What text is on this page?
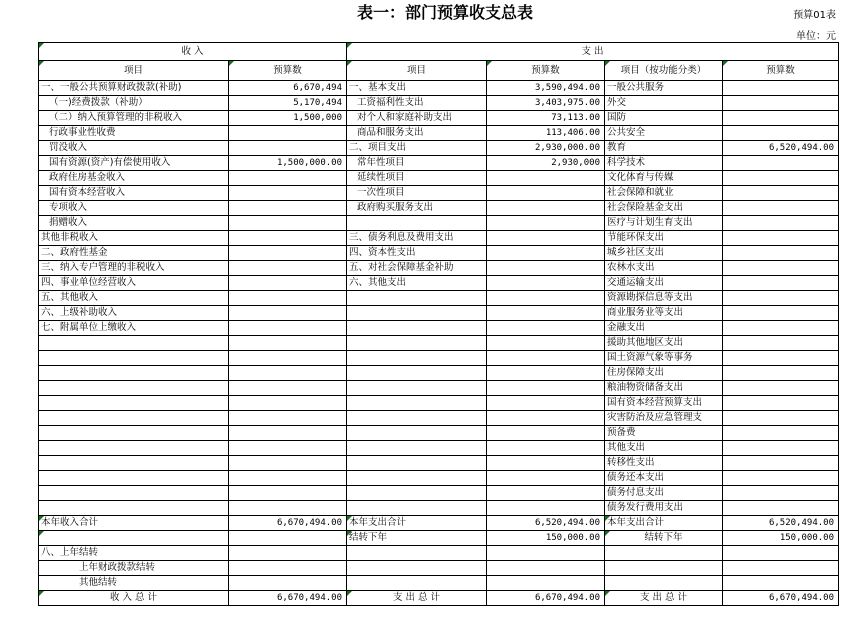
表一：部门预算收支总表	预算01表
单位：元
收 入		支 出			
项目	预算数	项目	预算数	项目（按功能分类）	预算数
一、一般公共预算财政拨款(补助)	6,670,494	一、基本支出	3,590,494.00	一般公共服务	
（一)经费拨款（补助）	5,170,494	工资福利性支出	3,403,975.00	外交	
（二）纳入预算管理的非税收入	1,500,000	对个人和家庭补助支出	73,113.00	国防	
行政事业性收费		商品和服务支出	113,406.00	公共安全	
罚没收入		二、项目支出	2,930,000.00	教育	6,520,494.00
国有资源(资产)有偿使用收入	1,500,000.00	常年性项目	2,930,000	科学技术	
政府住房基金收入		延续性项目		文化体育与传媒	
国有资本经营收入		一次性项目		社会保障和就业	
专项收入		政府购买服务支出		社会保险基金支出	
捐赠收入				医疗与计划生育支出	
其他非税收入		三、债务利息及费用支出		节能环保支出	
二、政府性基金		四、资本性支出		城乡社区支出	
三、纳入专户管理的非税收入		五、对社会保障基金补助		农林水支出	
四、事业单位经营收入		六、其他支出		交通运输支出	
五、其他收入				资源勘探信息等支出	
六、上级补助收入				商业服务业等支出	
七、附属单位上缴收入				金融支出	
				援助其他地区支出	
				国土资源气象等事务	
				住房保障支出	
				粮油物资储备支出	
				国有资本经营预算支出	
				灾害防治及应急管理支	
				预备费	
				其他支出	
				转移性支出	
				债务还本支出	
				债务付息支出	
				债务发行费用支出	
本年收入合计	6,670,494.00	本年支出合计	6,520,494.00	本年支出合计	6,520,494.00
		结转下年	150,000.00	结转下年	150,000.00
八、上年结转					
上年财政拨款结转					
其他结转					
收 入 总 计	6,670,494.00	支 出 总 计	6,670,494.00	支 出 总 计	6,670,494.00
